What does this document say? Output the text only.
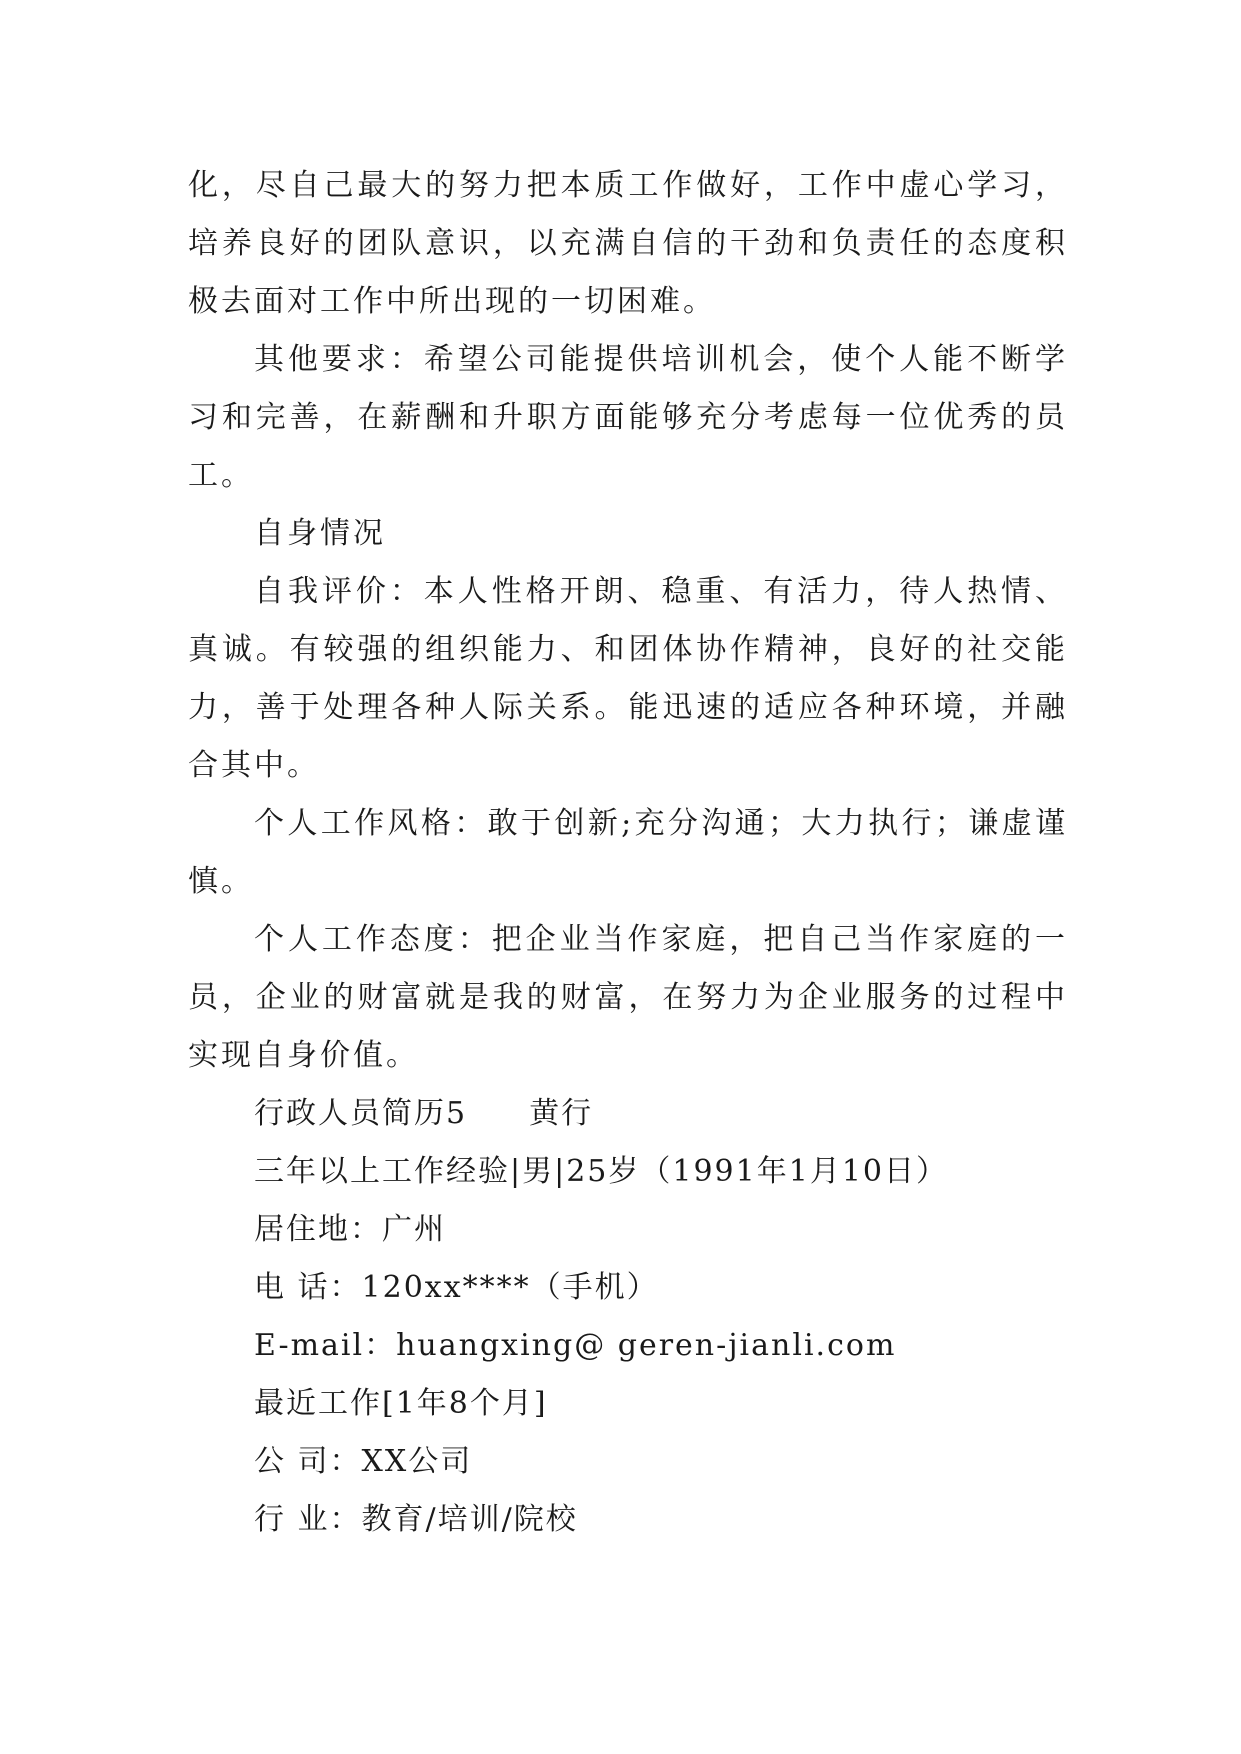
化，尽自己最大的努力把本质工作做好，工作中虚心学习，培养良好的团队意识，以充满自信的干劲和负责任的态度积极去面对工作中所出现的一切困难。

其他要求：希望公司能提供培训机会，使个人能不断学习和完善，在薪酬和升职方面能够充分考虑每一位优秀的员工。

自身情况

自我评价：本人性格开朗、稳重、有活力，待人热情、真诚。有较强的组织能力、和团体协作精神，良好的社交能力，善于处理各种人际关系。能迅速的适应各种环境，并融合其中。

个人工作风格：敢于创新;充分沟通；大力执行；谦虚谨慎。

个人工作态度：把企业当作家庭，把自己当作家庭的一员，企业的财富就是我的财富，在努力为企业服务的过程中实现自身价值。

行政人员简历5 黄行

三年以上工作经验|男|25岁（1991年1月10日）

居住地：广州

电 话：120xx****（手机）

E-mail：huangxing@ geren-jianli.com

最近工作[1年8个月]

公 司：XX公司

行 业：教育/培训/院校
